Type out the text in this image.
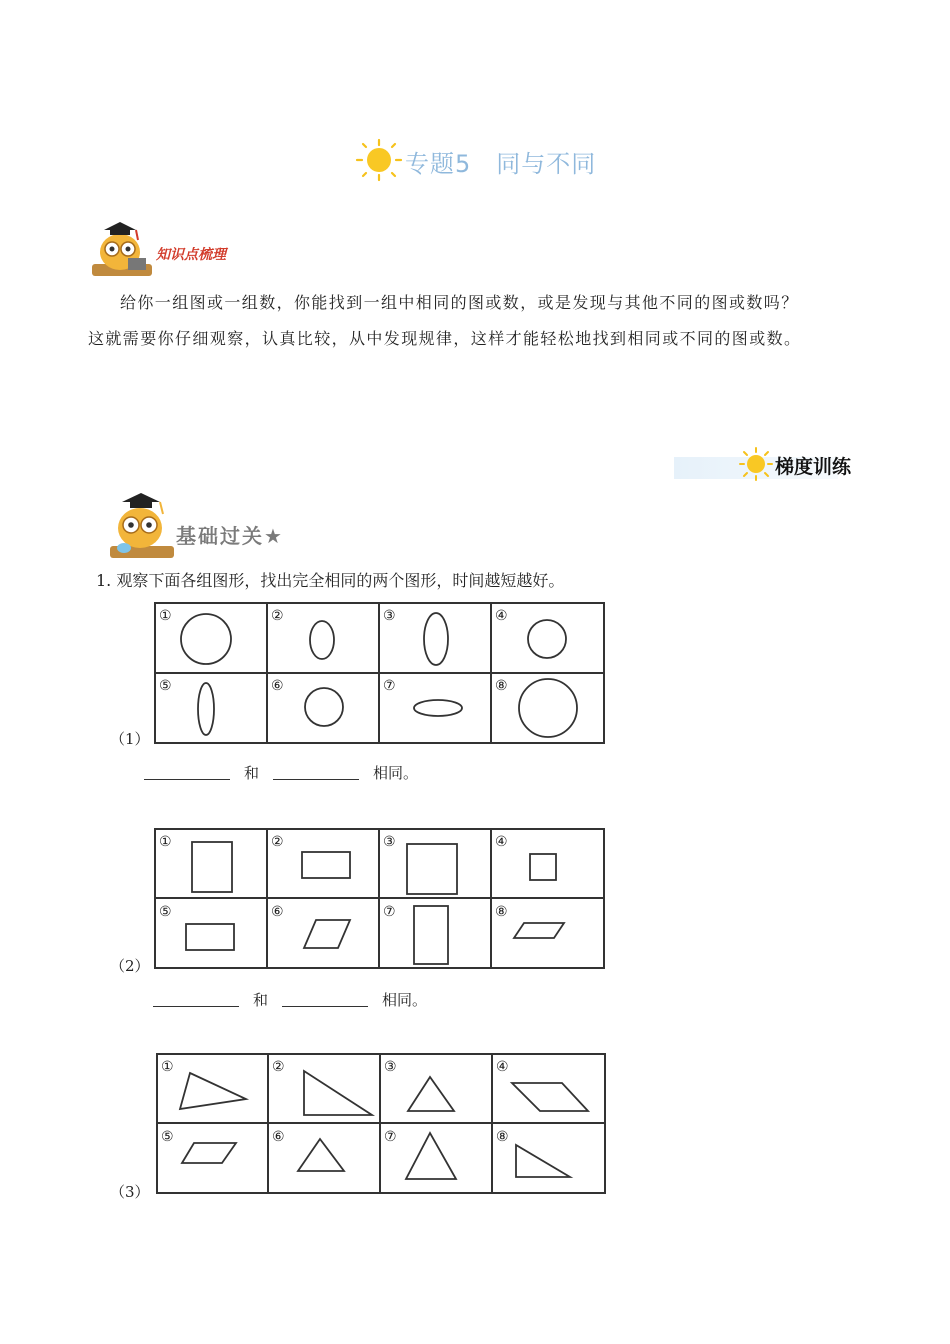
专题5　同与不同
知识点梳理
给你一组图或一组数，你能找到一组中相同的图或数，或是发现与其他不同的图或数吗？
这就需要你仔细观察，认真比较，从中发现规律，这样才能轻松地找到相同或不同的图或数。
梯度训练
基础过关★
1. 观察下面各组图形，找出完全相同的两个图形，时间越短越好。
①	②	③	④
⑤	⑥	⑦	⑧
（1）
和	相同。
①	②	③	④
⑤	⑥	⑦	⑧
（2）
和	相同。
①	②	③	④
⑤	⑥	⑦	⑧
（3）
